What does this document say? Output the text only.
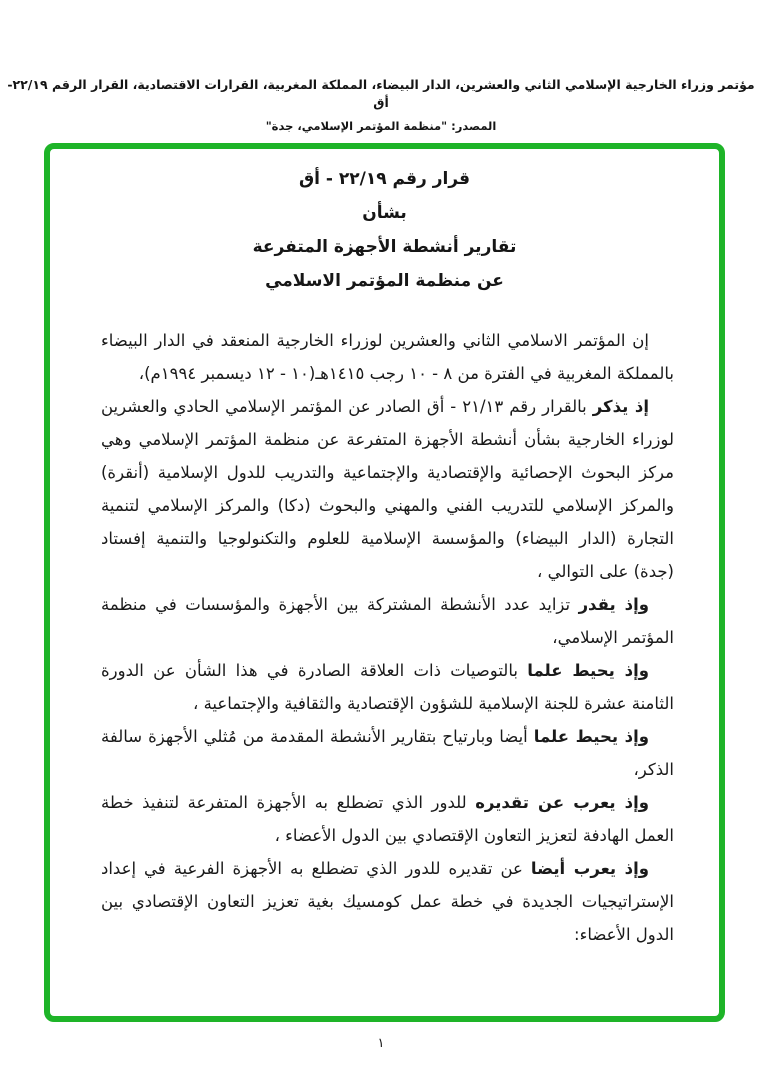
مؤتمر وزراء الخارجية الإسلامي الثاني والعشرين، الدار البيضاء، المملكة المغربية، القرارات الاقتصادية، القرار الرقم ٢٢/١٩- أق
المصدر: "منظمة المؤتمر الإسلامي، جدة"
قرار رقم ٢٢/١٩ - أق
بشأن
تقارير أنشطة الأجهزة المتفرعة
عن منظمة المؤتمر الاسلامي

إن المؤتمر الاسلامي الثاني والعشرين لوزراء الخارجية المنعقد في الدار البيضاء بالمملكة المغربية في الفترة من ٨ - ١٠ رجب ١٤١٥هـ(١٠ - ١٢ ديسمبر ١٩٩٤م)،

إذ يذكر بالقرار رقم ٢١/١٣ - أق الصادر عن المؤتمر الإسلامي الحادي والعشرين لوزراء الخارجية بشأن أنشطة الأجهزة المتفرعة عن منظمة المؤتمر الإسلامي وهي مركز البحوث الإحصائية والإقتصادية والإجتماعية والتدريب للدول الإسلامية (أنقرة) والمركز الإسلامي للتدريب الفني والمهني والبحوث (دكا) والمركز الإسلامي لتنمية التجارة (الدار البيضاء) والمؤسسة الإسلامية للعلوم والتكنولوجيا والتنمية إفستاد (جدة) على التوالي ،

وإذ يقدر تزايد عدد الأنشطة المشتركة بين الأجهزة والمؤسسات في منظمة المؤتمر الإسلامي،

وإذ يحيط علما بالتوصيات ذات العلاقة الصادرة في هذا الشأن عن الدورة الثامنة عشرة للجنة الإسلامية للشؤون الإقتصادية والثقافية والإجتماعية ،

وإذ يحيط علما أيضا وبارتياح بتقارير الأنشطة المقدمة من مُثلي الأجهزة سالفة الذكر،

وإذ يعرب عن تقديره للدور الذي تضطلع به الأجهزة المتفرعة لتنفيذ خطة العمل الهادفة لتعزيز التعاون الإقتصادي بين الدول الأعضاء ،

وإذ يعرب أيضا عن تقديره للدور الذي تضطلع به الأجهزة الفرعية في إعداد الإستراتيجيات الجديدة في خطة عمل كومسيك بغية تعزيز التعاون الإقتصادي بين الدول الأعضاء:

١
